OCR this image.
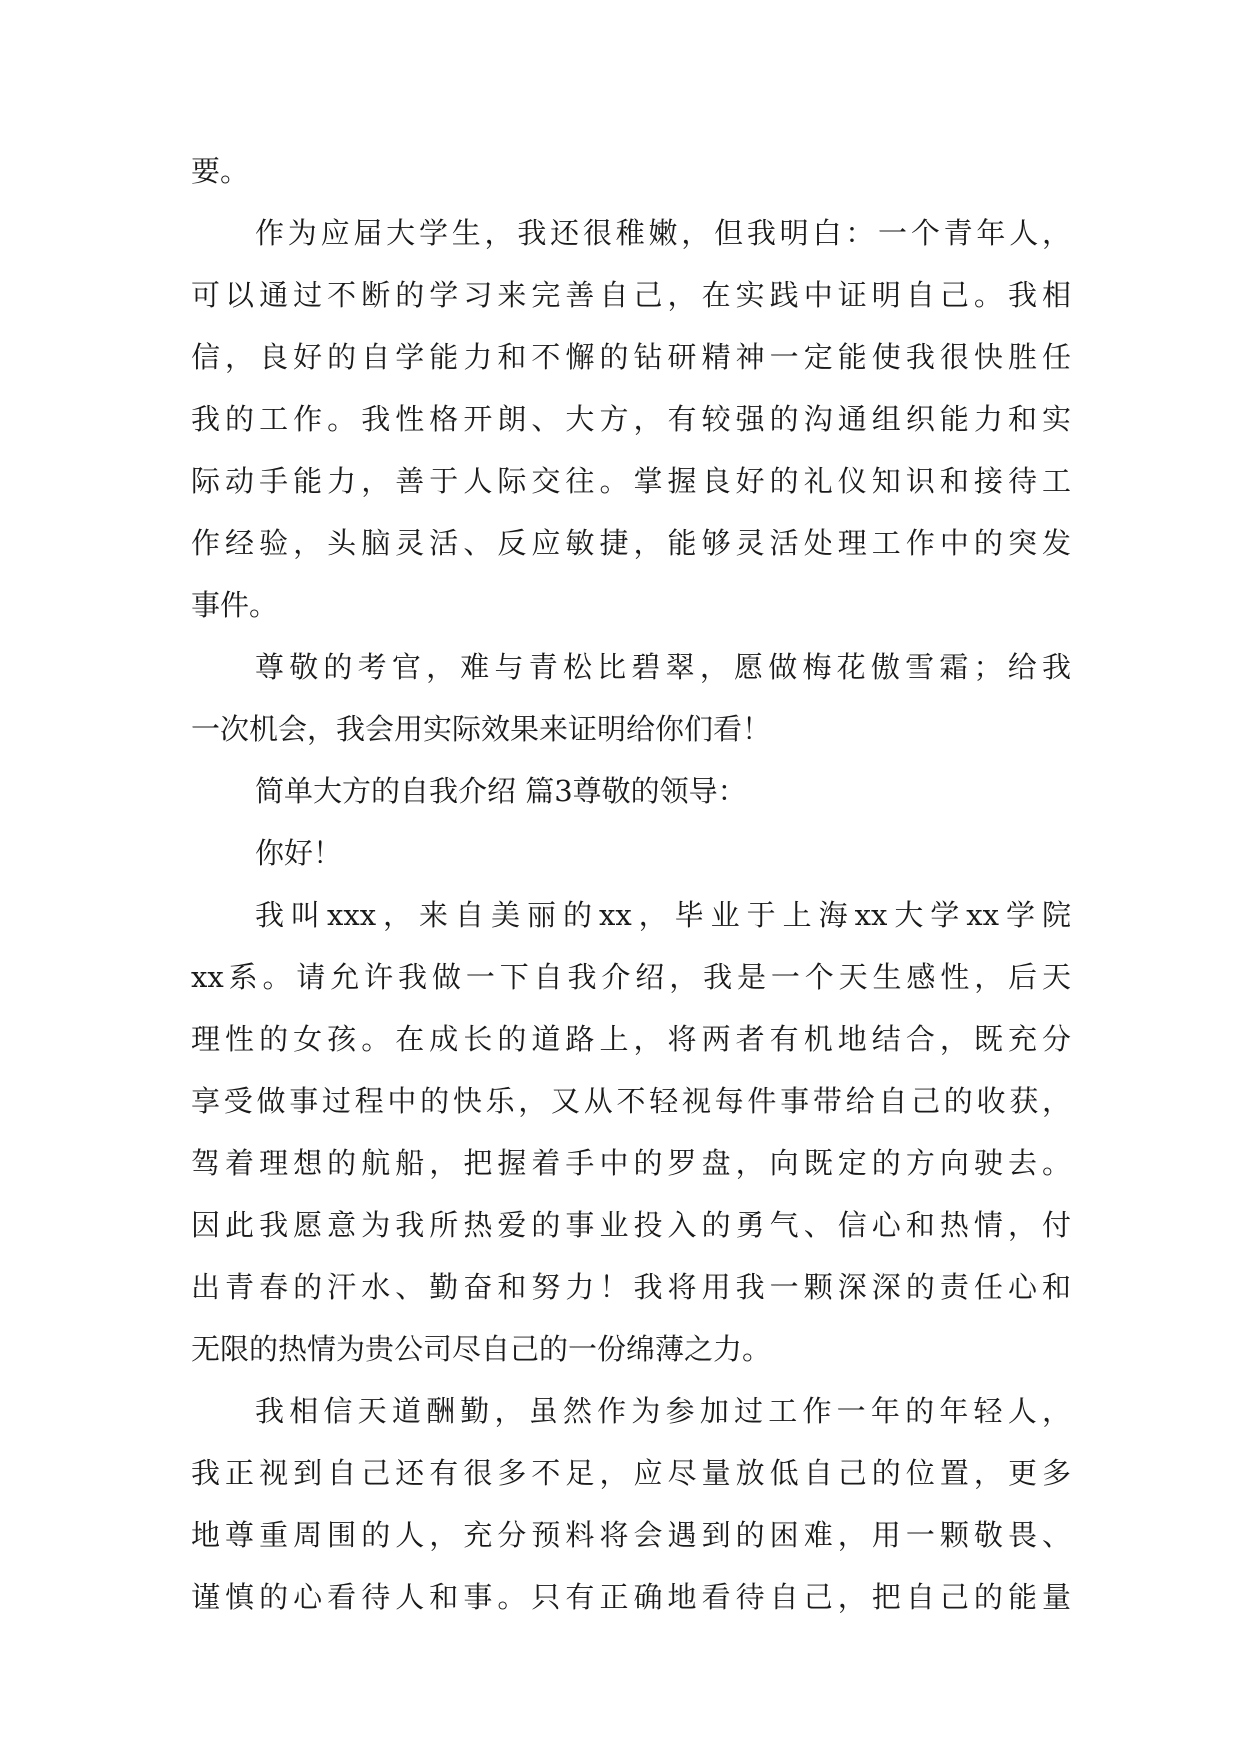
要。
作为应届大学生，我还很稚嫩，但我明白：一个青年人，
可以通过不断的学习来完善自己，在实践中证明自己。我相
信，良好的自学能力和不懈的钻研精神一定能使我很快胜任
我的工作。我性格开朗、大方，有较强的沟通组织能力和实
际动手能力，善于人际交往。掌握良好的礼仪知识和接待工
作经验，头脑灵活、反应敏捷，能够灵活处理工作中的突发
事件。
尊敬的考官，难与青松比碧翠，愿做梅花傲雪霜；给我
一次机会，我会用实际效果来证明给你们看！
简单大方的自我介绍 篇3尊敬的领导：
你好！
我叫xxx，来自美丽的xx，毕业于上海xx大学xx学院
xx系。请允许我做一下自我介绍，我是一个天生感性，后天
理性的女孩。在成长的道路上，将两者有机地结合，既充分
享受做事过程中的快乐，又从不轻视每件事带给自己的收获，
驾着理想的航船，把握着手中的罗盘，向既定的方向驶去。
因此我愿意为我所热爱的事业投入的勇气、信心和热情，付
出青春的汗水、勤奋和努力！我将用我一颗深深的责任心和
无限的热情为贵公司尽自己的一份绵薄之力。
我相信天道酬勤，虽然作为参加过工作一年的年轻人，
我正视到自己还有很多不足，应尽量放低自己的位置，更多
地尊重周围的人，充分预料将会遇到的困难，用一颗敬畏、
谨慎的心看待人和事。只有正确地看待自己，把自己的能量
